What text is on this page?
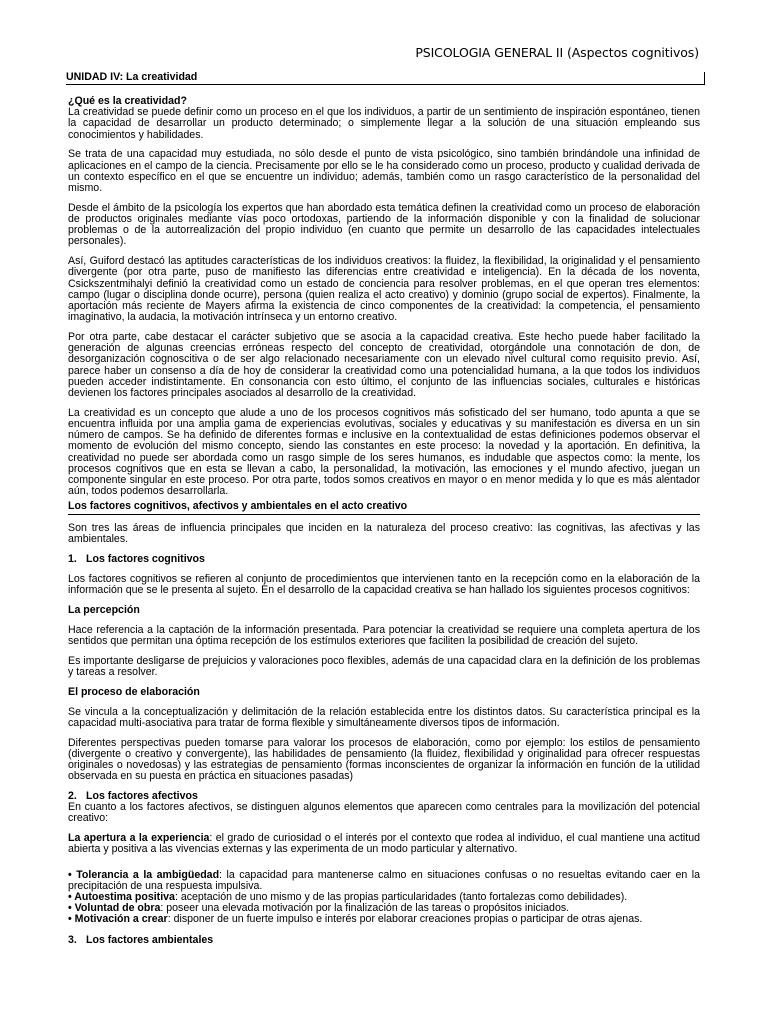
PSICOLOGIA GENERAL II (Aspectos cognitivos)
UNIDAD IV: La creatividad

¿Qué es la creatividad?

La creatividad se puede definir como un proceso en el que los individuos, a partir de un sentimiento de inspiración espontáneo, tienen la capacidad de desarrollar un producto determinado; o simplemente llegar a la solución de una situación empleando sus conocimientos y habilidades.

Se trata de una capacidad muy estudiada, no sólo desde el punto de vista psicológico, sino también brindándole una infinidad de aplicaciones en el campo de la ciencia. Precisamente por ello se le ha considerado como un proceso, producto y cualidad derivada de un contexto específico en el que se encuentre un individuo; además, también como un rasgo característico de la personalidad del mismo.

Desde el ámbito de la psicología los expertos que han abordado esta temática definen la creatividad como un proceso de elaboración de productos originales mediante vías poco ortodoxas, partiendo de la información disponible y con la finalidad de solucionar problemas o de la autorrealización del propio individuo (en cuanto que permite un desarrollo de las capacidades intelectuales personales).

Así, Guiford destacó las aptitudes características de los individuos creativos: la fluidez, la flexibilidad, la originalidad y el pensamiento divergente (por otra parte, puso de manifiesto las diferencias entre creatividad e inteligencia). En la década de los noventa, Csickszentmihalyi definió la creatividad como un estado de conciencia para resolver problemas, en el que operan tres elementos: campo (lugar o disciplina donde ocurre), persona (quien realiza el acto creativo) y dominio (grupo social de expertos). Finalmente, la aportación más reciente de Mayers afirma la existencia de cinco componentes de la creatividad: la competencia, el pensamiento imaginativo, la audacia, la motivación intrínseca y un entorno creativo.

Por otra parte, cabe destacar el carácter subjetivo que se asocia a la capacidad creativa. Este hecho puede haber facilitado la generación de algunas creencias erróneas respecto del concepto de creatividad, otorgándole una connotación de don, de desorganización cognoscitiva o de ser algo relacionado necesariamente con un elevado nivel cultural como requisito previo. Así, parece haber un consenso a día de hoy de considerar la creatividad como una potencialidad humana, a la que todos los individuos pueden acceder indistintamente. En consonancia con esto último, el conjunto de las influencias sociales, culturales e históricas devienen los factores principales asociados al desarrollo de la creatividad.

La creatividad es un concepto que alude a uno de los procesos cognitivos más sofisticado del ser humano, todo apunta a que se encuentra influida por una amplia gama de experiencias evolutivas, sociales y educativas y su manifestación es diversa en un sin número de campos. Se ha definido de diferentes formas e inclusive en la contextualidad de estas definiciones podemos observar el momento de evolución del mismo concepto, siendo las constantes en este proceso: la novedad y la aportación. En definitiva, la creatividad no puede ser abordada como un rasgo simple de los seres humanos, es indudable que aspectos como: la mente, los procesos cognitivos que en esta se llevan a cabo, la personalidad, la motivación, las emociones y el mundo afectivo, juegan un componente singular en este proceso. Por otra parte, todos somos creativos en mayor o en menor medida y lo que es más alentador aún, todos podemos desarrollarla.

Los factores cognitivos, afectivos y ambientales en el acto creativo

Son tres las áreas de influencia principales que inciden en la naturaleza del proceso creativo: las cognitivas, las afectivas y las ambientales.

1. Los factores cognitivos

Los factores cognitivos se refieren al conjunto de procedimientos que intervienen tanto en la recepción como en la elaboración de la información que se le presenta al sujeto. En el desarrollo de la capacidad creativa se han hallado los siguientes procesos cognitivos:

La percepción

Hace referencia a la captación de la información presentada. Para potenciar la creatividad se requiere una completa apertura de los sentidos que permitan una óptima recepción de los estímulos exteriores que faciliten la posibilidad de creación del sujeto.

Es importante desligarse de prejuicios y valoraciones poco flexibles, además de una capacidad clara en la definición de los problemas y tareas a resolver.

El proceso de elaboración

Se vincula a la conceptualización y delimitación de la relación establecida entre los distintos datos. Su característica principal es la capacidad multi-asociativa para tratar de forma flexible y simultáneamente diversos tipos de información.

Diferentes perspectivas pueden tomarse para valorar los procesos de elaboración, como por ejemplo: los estilos de pensamiento (divergente o creativo y convergente), las habilidades de pensamiento (la fluidez, flexibilidad y originalidad para ofrecer respuestas originales o novedosas) y las estrategias de pensamiento (formas inconscientes de organizar la información en función de la utilidad observada en su puesta en práctica en situaciones pasadas)

2. Los factores afectivos

En cuanto a los factores afectivos, se distinguen algunos elementos que aparecen como centrales para la movilización del potencial creativo:

La apertura a la experiencia: el grado de curiosidad o el interés por el contexto que rodea al individuo, el cual mantiene una actitud abierta y positiva a las vivencias externas y las experimenta de un modo particular y alternativo.

• Tolerancia a la ambigüedad: la capacidad para mantenerse calmo en situaciones confusas o no resueltas evitando caer en la precipitación de una respuesta impulsiva.
• Autoestima positiva: aceptación de uno mismo y de las propias particularidades (tanto fortalezas como debilidades).
• Voluntad de obra: poseer una elevada motivación por la finalización de las tareas o propósitos iniciados.
• Motivación a crear: disponer de un fuerte impulso e interés por elaborar creaciones propias o participar de otras ajenas.
3. Los factores ambientales
